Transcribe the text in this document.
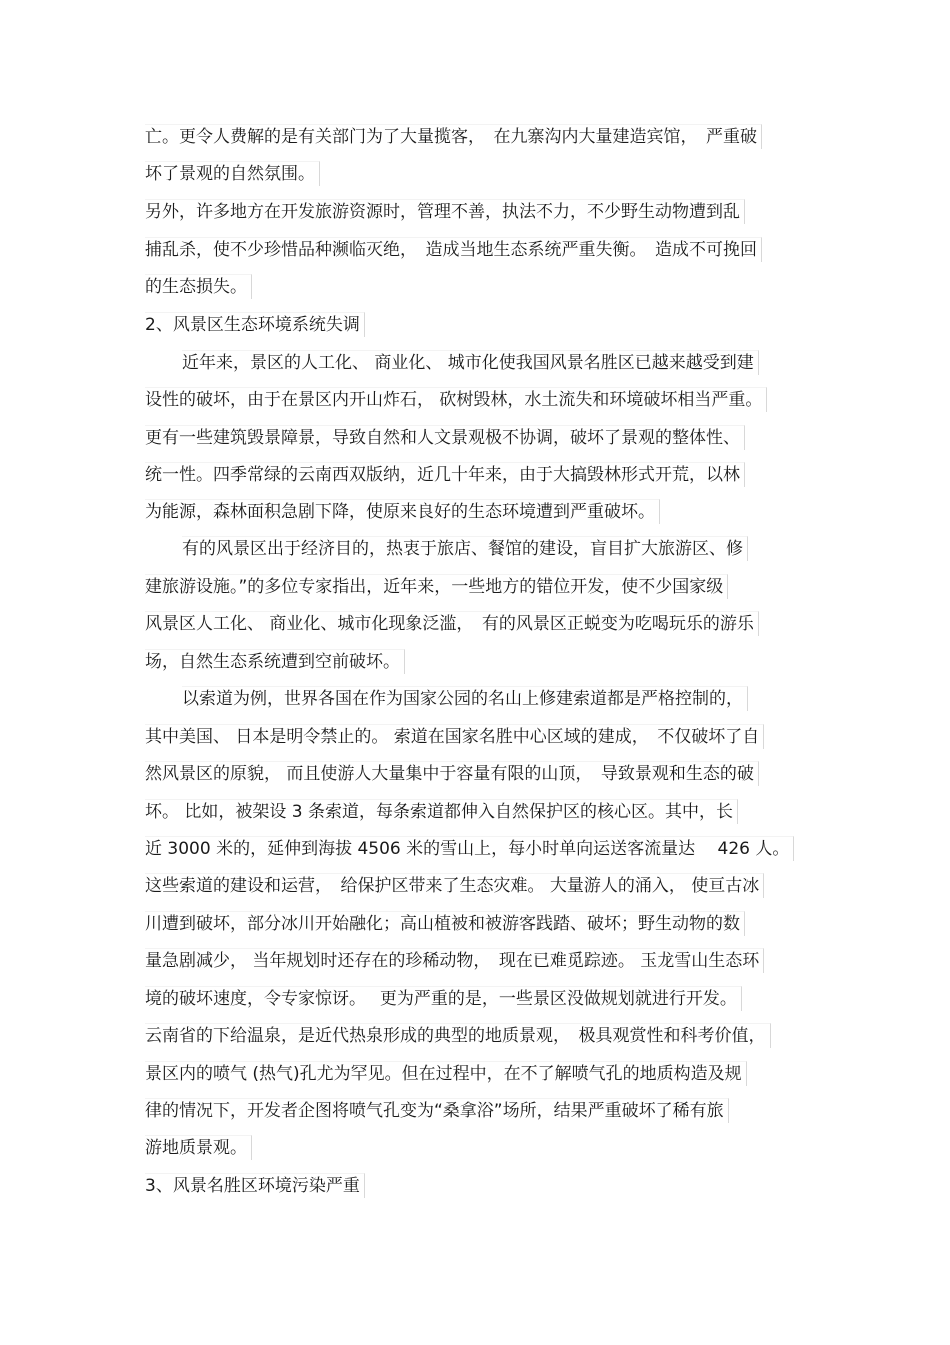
亡。更令人费解的是有关部门为了大量揽客，　在九寨沟内大量建造宾馆，　严重破
坏了景观的自然氛围。
另外，许多地方在开发旅游资源时，管理不善，执法不力，不少野生动物遭到乱
捕乱杀，使不少珍惜品种濒临灭绝，　造成当地生态系统严重失衡。　造成不可挽回
的生态损失。
2、风景区生态环境系统失调
近年来，景区的人工化、 商业化、 城市化使我国风景名胜区已越来越受到建
设性的破坏，由于在景区内开山炸石， 砍树毁林，水土流失和环境破坏相当严重。
更有一些建筑毁景障景，导致自然和人文景观极不协调，破坏了景观的整体性、
统一性。四季常绿的云南西双版纳，近几十年来，由于大搞毁林形式开荒，以林
为能源，森林面积急剧下降，使原来良好的生态环境遭到严重破坏。
有的风景区出于经济目的，热衷于旅店、餐馆的建设，盲目扩大旅游区、修
建旅游设施。”的多位专家指出，近年来，一些地方的错位开发，使不少国家级
风景区人工化、 商业化、城市化现象泛滥，　有的风景区正蜕变为吃喝玩乐的游乐
场，自然生态系统遭到空前破坏。
以索道为例，世界各国在作为国家公园的名山上修建索道都是严格控制的，
其中美国、 日本是明令禁止的。 索道在国家名胜中心区域的建成，　不仅破坏了自
然风景区的原貌， 而且使游人大量集中于容量有限的山顶，　导致景观和生态的破
坏。 比如，被架设 3 条索道，每条索道都伸入自然保护区的核心区。其中，长
近 3000 米的，延伸到海拔 4506 米的雪山上，每小时单向运送客流量达　 426 人。
这些索道的建设和运营，　给保护区带来了生态灾难。 大量游人的涌入， 使亘古冰
川遭到破坏，部分冰川开始融化；高山植被和被游客践踏、破坏；野生动物的数
量急剧减少， 当年规划时还存在的珍稀动物，　现在已难觅踪迹。 玉龙雪山生态环
境的破坏速度，令专家惊讶。　 更为严重的是，一些景区没做规划就进行开发。
云南省的下给温泉，是近代热泉形成的典型的地质景观，　极具观赏性和科考价值，
景区内的喷气 (热气)孔尤为罕见。但在过程中，在不了解喷气孔的地质构造及规
律的情况下，开发者企图将喷气孔变为“桑拿浴”场所，结果严重破坏了稀有旅
游地质景观。
3、风景名胜区环境污染严重
